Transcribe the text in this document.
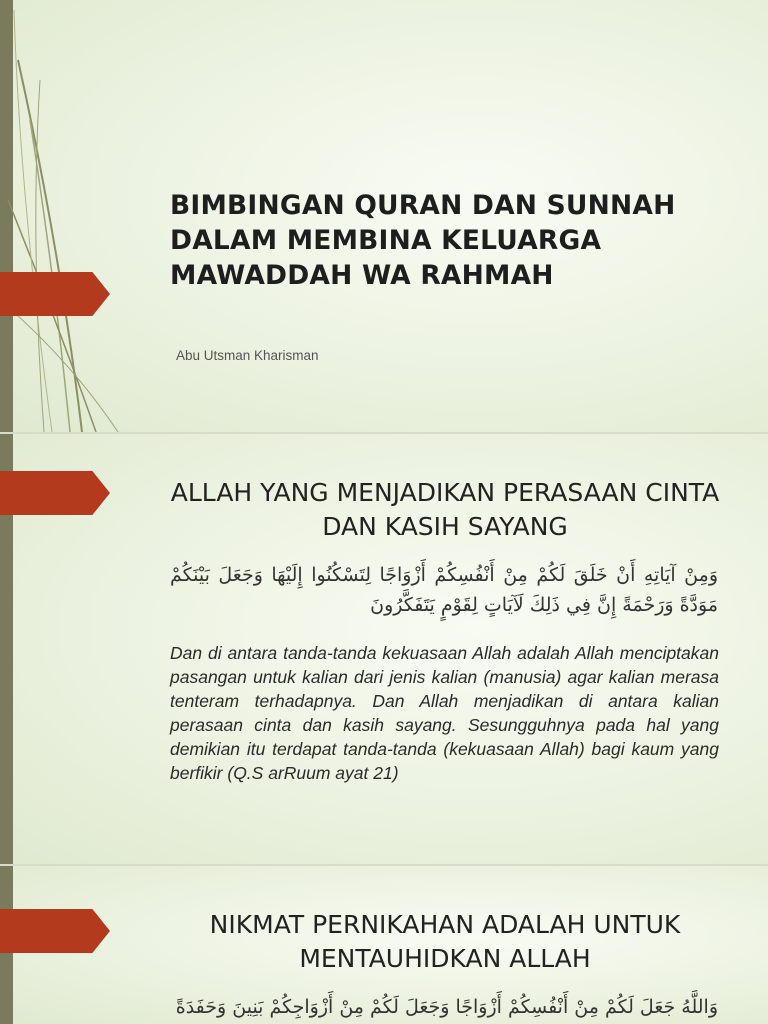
BIMBINGAN QURAN DAN SUNNAH DALAM MEMBINA KELUARGA MAWADDAH WA RAHMAH
Abu Utsman Kharisman
ALLAH YANG MENJADIKAN PERASAAN CINTA DAN KASIH SAYANG
وَمِنْ آيَاتِهِ أَنْ خَلَقَ لَكُمْ مِنْ أَنْفُسِكُمْ أَزْوَاجًا لِتَسْكُنُوا إِلَيْهَا وَجَعَلَ بَيْنَكُمْ مَوَدَّةً وَرَحْمَةً إِنَّ فِي ذَلِكَ لَآيَاتٍ لِقَوْمٍ يَتَفَكَّرُونَ

Dan di antara tanda-tanda kekuasaan Allah adalah Allah menciptakan pasangan untuk kalian dari jenis kalian (manusia) agar kalian merasa tenteram terhadapnya. Dan Allah menjadikan di antara kalian perasaan cinta dan kasih sayang. Sesungguhnya pada hal yang demikian itu terdapat tanda-tanda (kekuasaan Allah) bagi kaum yang berfikir (Q.S arRuum ayat 21)

NIKMAT PERNIKAHAN ADALAH UNTUK MENTAUHIDKAN ALLAH
وَاللَّهُ جَعَلَ لَكُمْ مِنْ أَنْفُسِكُمْ أَزْوَاجًا وَجَعَلَ لَكُمْ مِنْ أَزْوَاجِكُمْ بَنِينَ وَحَفَدَةً
